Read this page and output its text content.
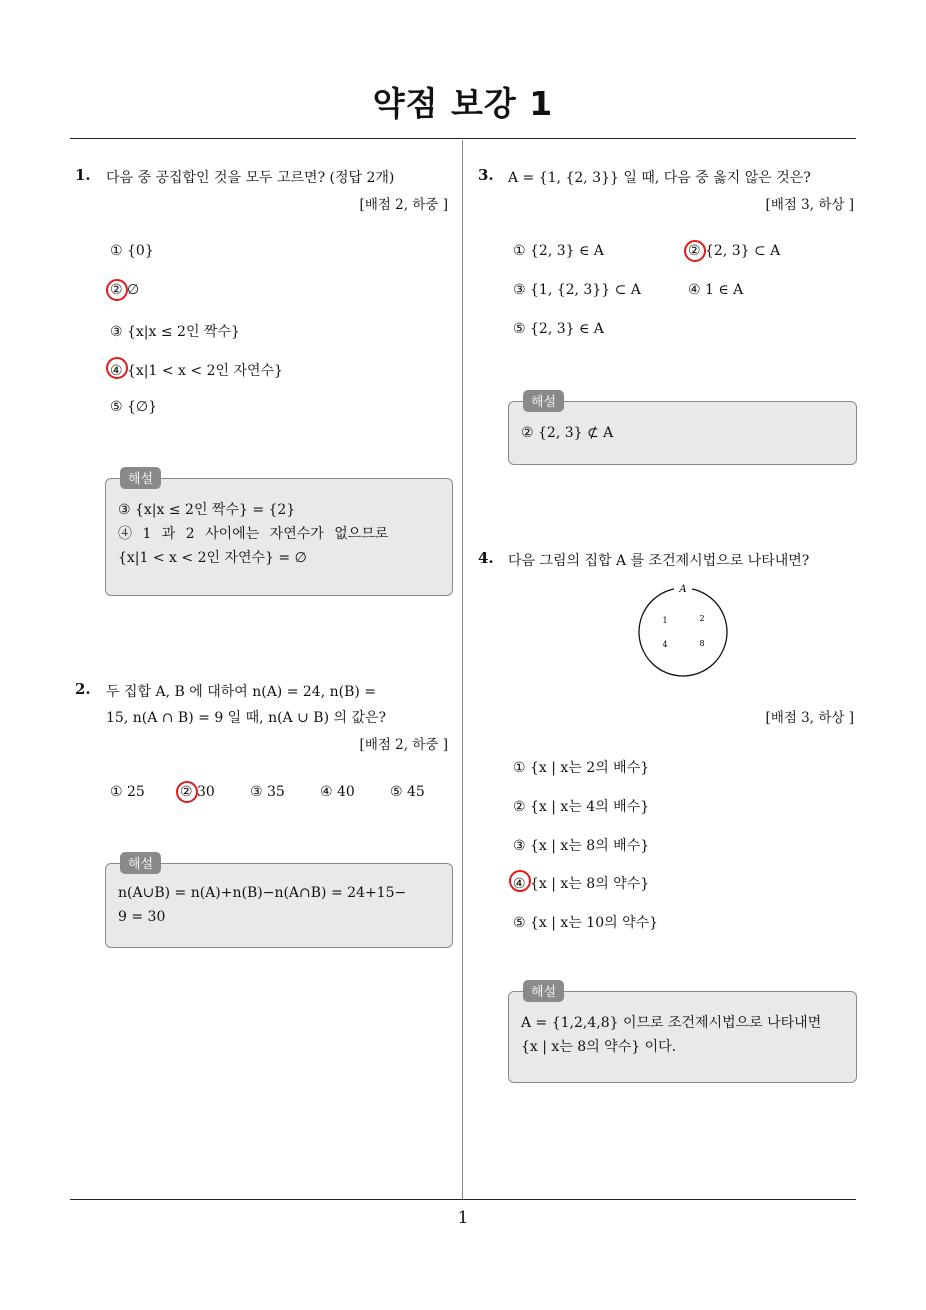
약점 보강 1
1. 다음 중 공집합인 것을 모두 고르면? (정답 2개)
[배점 2, 하중 ]
① {0}
② ∅
③ {x|x ≤ 2인 짝수}
④ {x|1 < x < 2인 자연수}
⑤ {∅}
해설
③ {x|x ≤ 2인 짝수} = {2}
④ 1 과 2 사이에는 자연수가 없으므로
{x|1 < x < 2인 자연수} = ∅
2. 두 집합 A, B 에 대하여 n(A) = 24, n(B) =
15, n(A ∩ B) = 9 일 때, n(A ∪ B) 의 값은?
[배점 2, 하중 ]
① 25	② 30	③ 35	④ 40	⑤ 45
해설
n(A∪B) = n(A)+n(B)−n(A∩B) = 24+15−
9 = 30
3. A = {1, {2, 3}} 일 때, 다음 중 옳지 않은 것은?
[배점 3, 하상 ]
① {2, 3} ∈ A	② {2, 3} ⊂ A
③ {1, {2, 3}} ⊂ A	④ 1 ∈ A
⑤ {2, 3} ∈ A
해설
② {2, 3} ⊄ A
4. 다음 그림의 집합 A 를 조건제시법으로 나타내면?
A
1	2
4	8
[배점 3, 하상 ]
① {x | x는 2의 배수}
② {x | x는 4의 배수}
③ {x | x는 8의 배수}
④ {x | x는 8의 약수}
⑤ {x | x는 10의 약수}
해설
A = {1,2,4,8} 이므로 조건제시법으로 나타내면
{x | x는 8의 약수} 이다.
1
